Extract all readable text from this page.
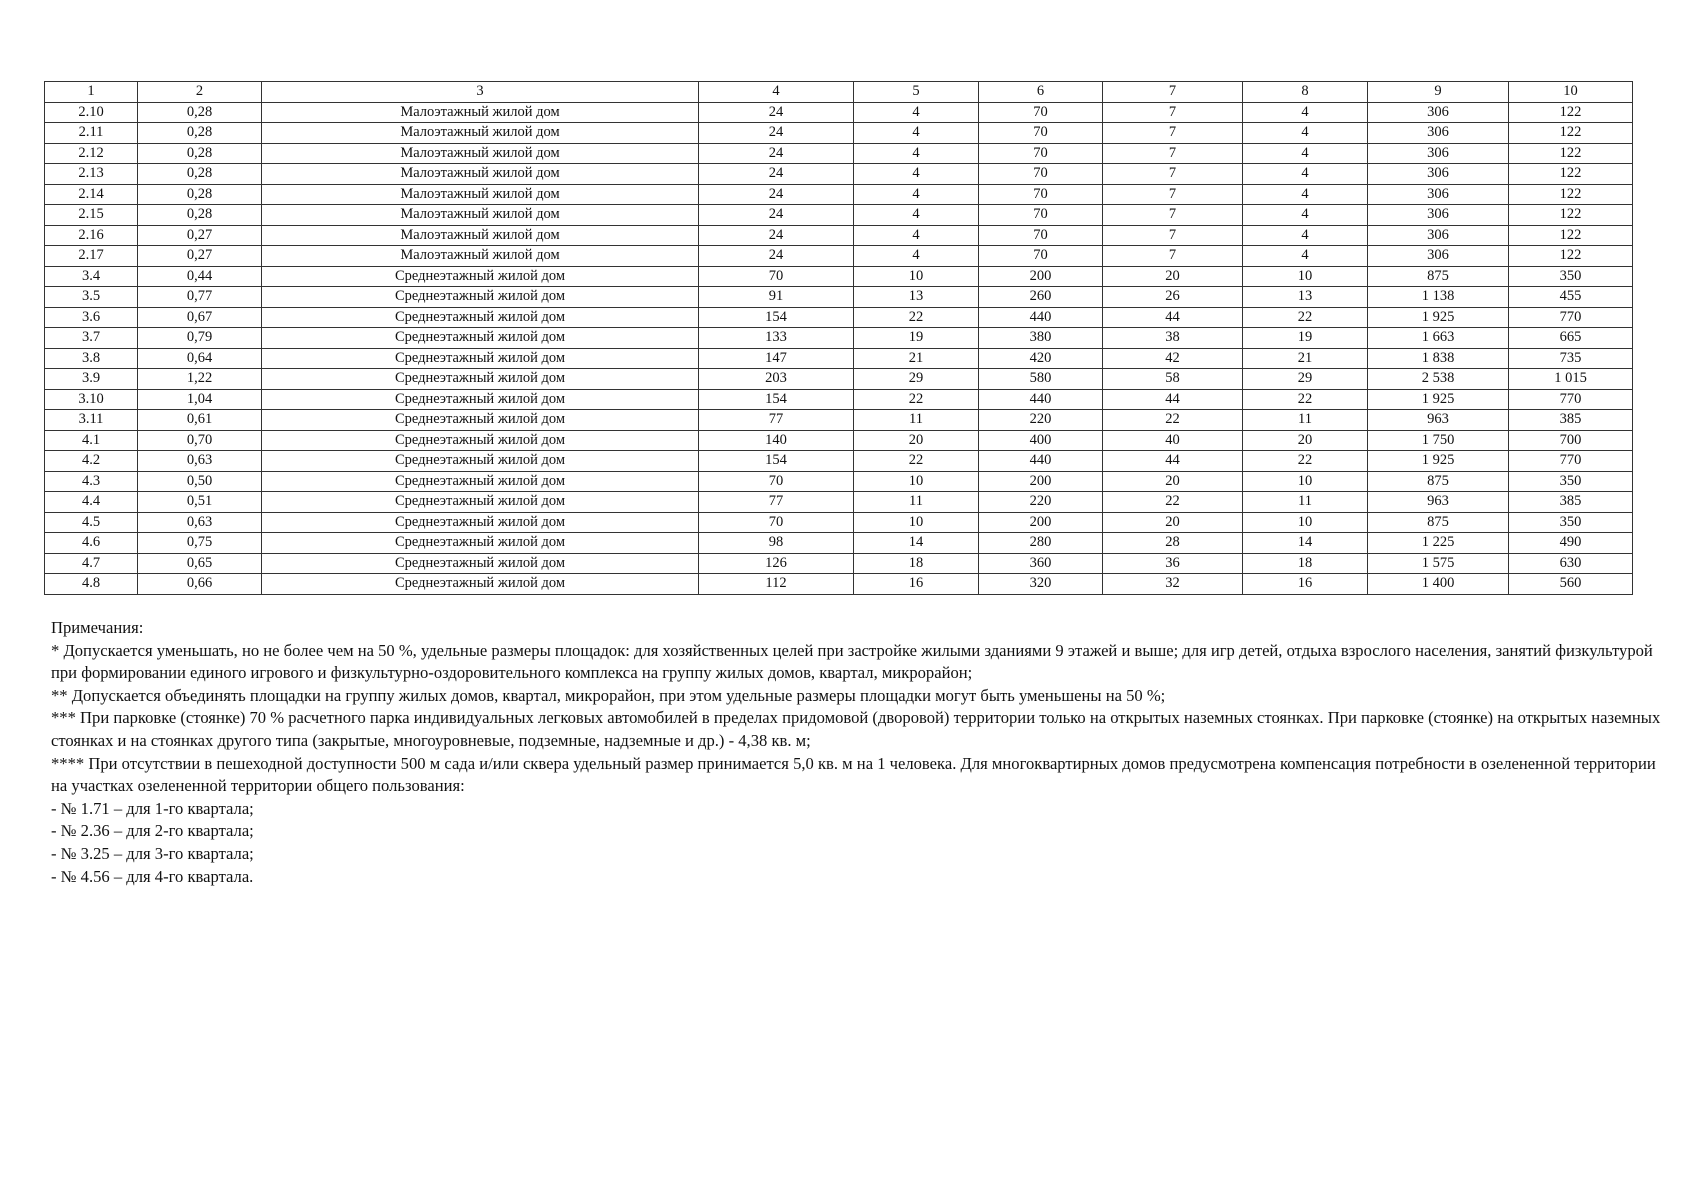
1	2	3	4	5	6	7	8	9	10
2.10	0,28	Малоэтажный жилой дом	24	4	70	7	4	306	122
2.11	0,28	Малоэтажный жилой дом	24	4	70	7	4	306	122
2.12	0,28	Малоэтажный жилой дом	24	4	70	7	4	306	122
2.13	0,28	Малоэтажный жилой дом	24	4	70	7	4	306	122
2.14	0,28	Малоэтажный жилой дом	24	4	70	7	4	306	122
2.15	0,28	Малоэтажный жилой дом	24	4	70	7	4	306	122
2.16	0,27	Малоэтажный жилой дом	24	4	70	7	4	306	122
2.17	0,27	Малоэтажный жилой дом	24	4	70	7	4	306	122
3.4	0,44	Среднеэтажный жилой дом	70	10	200	20	10	875	350
3.5	0,77	Среднеэтажный жилой дом	91	13	260	26	13	1 138	455
3.6	0,67	Среднеэтажный жилой дом	154	22	440	44	22	1 925	770
3.7	0,79	Среднеэтажный жилой дом	133	19	380	38	19	1 663	665
3.8	0,64	Среднеэтажный жилой дом	147	21	420	42	21	1 838	735
3.9	1,22	Среднеэтажный жилой дом	203	29	580	58	29	2 538	1 015
3.10	1,04	Среднеэтажный жилой дом	154	22	440	44	22	1 925	770
3.11	0,61	Среднеэтажный жилой дом	77	11	220	22	11	963	385
4.1	0,70	Среднеэтажный жилой дом	140	20	400	40	20	1 750	700
4.2	0,63	Среднеэтажный жилой дом	154	22	440	44	22	1 925	770
4.3	0,50	Среднеэтажный жилой дом	70	10	200	20	10	875	350
4.4	0,51	Среднеэтажный жилой дом	77	11	220	22	11	963	385
4.5	0,63	Среднеэтажный жилой дом	70	10	200	20	10	875	350
4.6	0,75	Среднеэтажный жилой дом	98	14	280	28	14	1 225	490
4.7	0,65	Среднеэтажный жилой дом	126	18	360	36	18	1 575	630
4.8	0,66	Среднеэтажный жилой дом	112	16	320	32	16	1 400	560

Примечания:

* Допускается уменьшать, но не более чем на 50 %, удельные размеры площадок: для хозяйственных целей при застройке жилыми зданиями 9 этажей и выше; для игр детей, отдыха взрослого населения, занятий физкультурой при формировании единого игрового и физкультурно-оздоровительного комплекса на группу жилых домов, квартал, микрорайон;

** Допускается объединять площадки на группу жилых домов, квартал, микрорайон, при этом удельные размеры площадки могут быть уменьшены на 50 %;

*** При парковке (стоянке) 70 % расчетного парка индивидуальных легковых автомобилей в пределах придомовой (дворовой) территории только на открытых наземных стоянках. При парковке (стоянке) на открытых наземных стоянках и на стоянках другого типа (закрытые, многоуровневые, подземные, надземные и др.) - 4,38 кв. м;

**** При отсутствии в пешеходной доступности 500 м сада и/или сквера удельный размер принимается 5,0 кв. м на 1 человека. Для многоквартирных домов предусмотрена компенсация потребности в озелененной территории на участках озелененной территории общего пользования:

- № 1.71 – для 1-го квартала;

- № 2.36 – для 2-го квартала;

- № 3.25 – для 3-го квартала;

- № 4.56 – для 4-го квартала.
